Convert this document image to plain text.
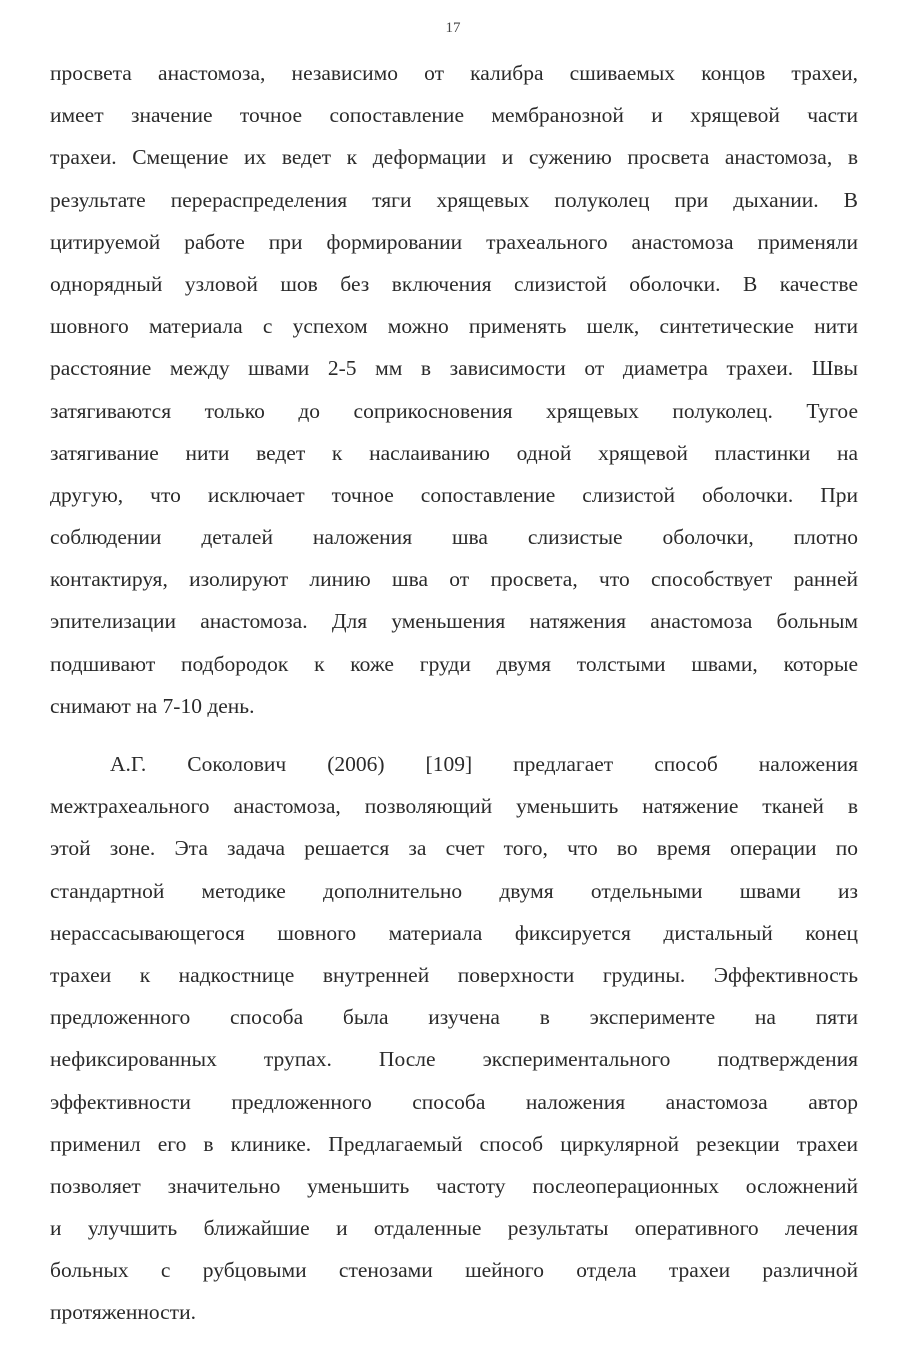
17
просвета анастомоза, независимо от калибра сшиваемых концов трахеи,
имеет значение точное сопоставление мембранозной и хрящевой части
трахеи. Смещение их ведет к деформации и сужению просвета анастомоза, в
результате перераспределения тяги хрящевых полуколец при дыхании. В
цитируемой работе при формировании трахеального анастомоза применяли
однорядный узловой шов без включения слизистой оболочки. В качестве
шовного материала с успехом можно применять шелк, синтетические нити
расстояние между швами 2-5 мм в зависимости от диаметра трахеи. Швы
затягиваются только до соприкосновения хрящевых полуколец. Тугое
затягивание нити ведет к наслаиванию одной хрящевой пластинки на
другую, что исключает точное сопоставление слизистой оболочки. При
соблюдении деталей наложения шва слизистые оболочки, плотно
контактируя, изолируют линию шва от просвета, что способствует ранней
эпителизации анастомоза. Для уменьшения натяжения анастомоза больным
подшивают подбородок к коже груди двумя толстыми швами, которые
снимают на 7-10 день.
А.Г. Соколович (2006) [109] предлагает способ наложения
межтрахеального анастомоза, позволяющий уменьшить натяжение тканей в
этой зоне. Эта задача решается за счет того, что во время операции по
стандартной методике дополнительно двумя отдельными швами из
нерассасывающегося шовного материала фиксируется дистальный конец
трахеи к надкостнице внутренней поверхности грудины. Эффективность
предложенного способа была изучена в эксперименте на пяти
нефиксированных трупах. После экспериментального подтверждения
эффективности предложенного способа наложения анастомоза автор
применил его в клинике. Предлагаемый способ циркулярной резекции трахеи
позволяет значительно уменьшить частоту послеоперационных осложнений
и улучшить ближайшие и отдаленные результаты оперативного лечения
больных с рубцовыми стенозами шейного отдела трахеи различной
протяженности.
